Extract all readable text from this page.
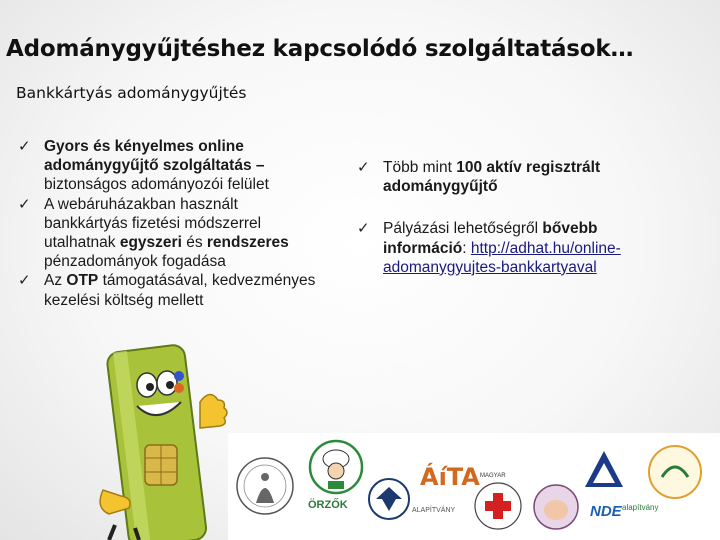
Adománygyűjtéshez kapcsolódó szolgáltatások…
Bankkártyás adománygyűjtés
✓ Gyors és kényelmes online adománygyűjtő szolgáltatás –
biztonságos adományozói felület
✓ A webáruházakban használt bankkártyás fizetési módszerrel utalhatnak egyszeri és rendszeres pénzadományok fogadása
✓ Az OTP támogatásával, kedvezményes kezelési költség mellett
✓ Több mint 100 aktív regisztrált adománygyűjtő
✓ Pályázási lehetőségről bővebb információ: http://adhat.hu/online-adomanygyujtes-bankkartyaval
ÖRZŐK
ÁíTA
ALAPÍTVÁNY
MAGYAR
NDE alapítvány
